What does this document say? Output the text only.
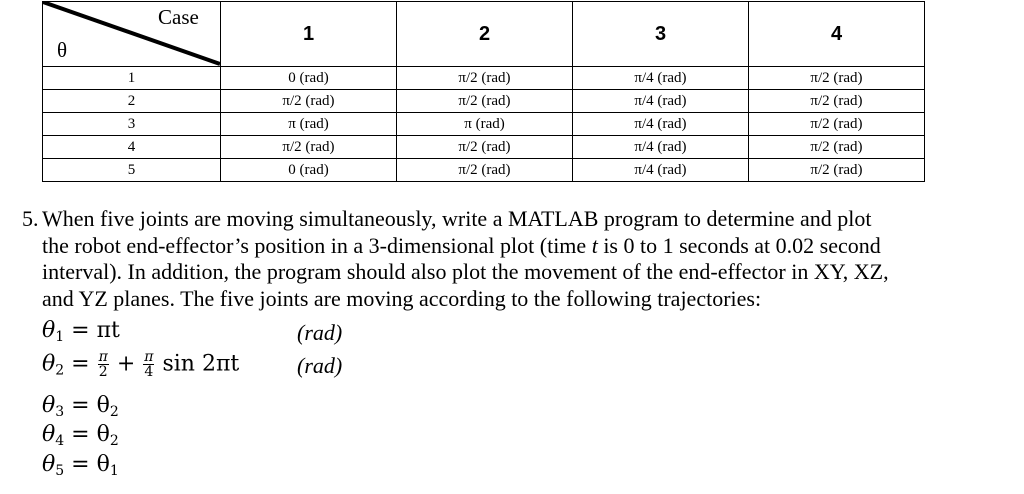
Case
θ	1	2	3	4
1	0 (rad)	π/2 (rad)	π/4 (rad)	π/2 (rad)
2	π/2 (rad)	π/2 (rad)	π/4 (rad)	π/2 (rad)
3	π (rad)	π (rad)	π/4 (rad)	π/2 (rad)
4	π/2 (rad)	π/2 (rad)	π/4 (rad)	π/2 (rad)
5	0 (rad)	π/2 (rad)	π/4 (rad)	π/2 (rad)
5. When five joints are moving simultaneously, write a MATLAB program to determine and plot
the robot end-effector’s position in a 3-dimensional plot (time t is 0 to 1 seconds at 0.02 second
interval). In addition, the program should also plot the movement of the end-effector in XY, XZ,
and YZ planes. The five joints are moving according to the following trajectories:
$\theta_1 = \pi t$	(rad)
$\theta_2 = \frac{\pi}{2} + \frac{\pi}{4}$ sin 2πt	(rad)
$\theta_3 = \theta_2$
$\theta_4 = \theta_2$
$\theta_5 = \theta_1$
